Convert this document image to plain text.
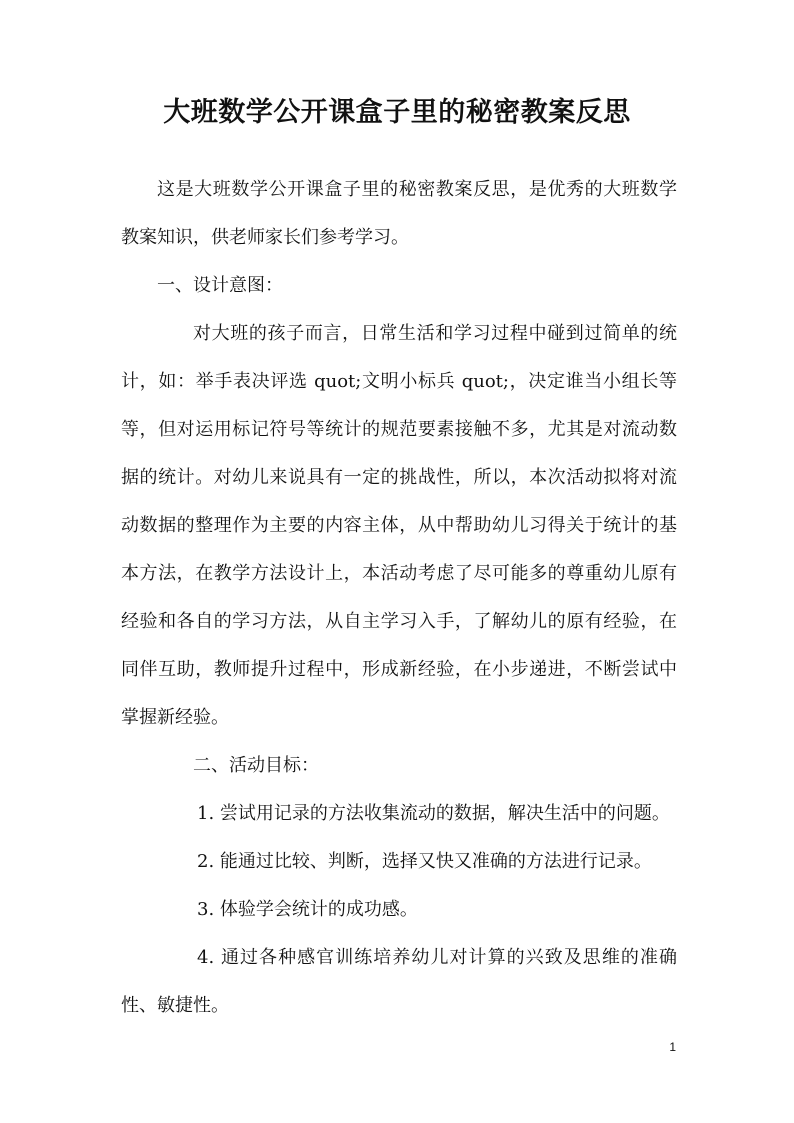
大班数学公开课盒子里的秘密教案反思

这是大班数学公开课盒子里的秘密教案反思，是优秀的大班数学教案知识，供老师家长们参考学习。

一、设计意图：

对大班的孩子而言，日常生活和学习过程中碰到过简单的统计，如：举手表决评选 quot;文明小标兵 quot;，决定谁当小组长等等，但对运用标记符号等统计的规范要素接触不多，尤其是对流动数据的统计。对幼儿来说具有一定的挑战性，所以，本次活动拟将对流动数据的整理作为主要的内容主体，从中帮助幼儿习得关于统计的基本方法，在教学方法设计上，本活动考虑了尽可能多的尊重幼儿原有经验和各自的学习方法，从自主学习入手，了解幼儿的原有经验，在同伴互助，教师提升过程中，形成新经验，在小步递进，不断尝试中掌握新经验。

二、活动目标：

1. 尝试用记录的方法收集流动的数据，解决生活中的问题。

2. 能通过比较、判断，选择又快又准确的方法进行记录。

3. 体验学会统计的成功感。

4. 通过各种感官训练培养幼儿对计算的兴致及思维的准确性、敏捷性。

1
